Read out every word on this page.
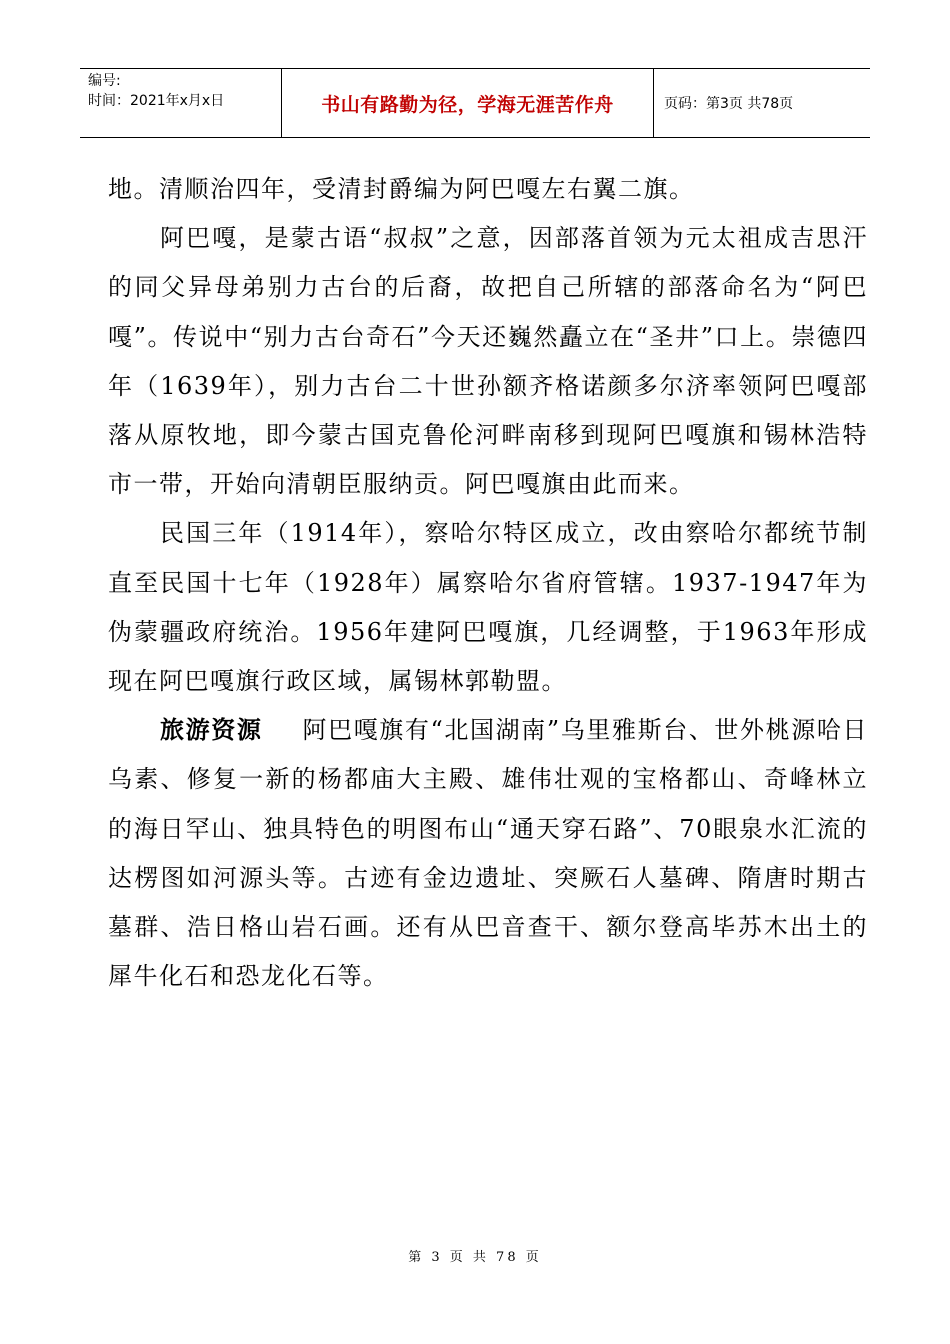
编号:
时间：2021年x月x日	书山有路勤为径，学海无涯苦作舟	页码：第3页 共78页

地。清顺治四年，受清封爵编为阿巴嘎左右翼二旗。

阿巴嘎，是蒙古语“叔叔”之意，因部落首领为元太祖成吉思汗的同父异母弟别力古台的后裔，故把自己所辖的部落命名为“阿巴嘎”。传说中“别力古台奇石”今天还巍然矗立在“圣井”口上。崇德四年（1639年），别力古台二十世孙额齐格诺颜多尔济率领阿巴嘎部落从原牧地，即今蒙古国克鲁伦河畔南移到现阿巴嘎旗和锡林浩特市一带，开始向清朝臣服纳贡。阿巴嘎旗由此而来。

民国三年（1914年），察哈尔特区成立，改由察哈尔都统节制直至民国十七年（1928年）属察哈尔省府管辖。1937-1947年为伪蒙疆政府统治。1956年建阿巴嘎旗，几经调整，于1963年形成现在阿巴嘎旗行政区域，属锡林郭勒盟。

旅游资源 阿巴嘎旗有“北国湖南”乌里雅斯台、世外桃源哈日乌素、修复一新的杨都庙大主殿、雄伟壮观的宝格都山、奇峰林立的海日罕山、独具特色的明图布山“通天穿石路”、70眼泉水汇流的达楞图如河源头等。古迹有金边遗址、突厥石人墓碑、隋唐时期古墓群、浩日格山岩石画。还有从巴音查干、额尔登高毕苏木出土的犀牛化石和恐龙化石等。

第 3 页 共 78 页
